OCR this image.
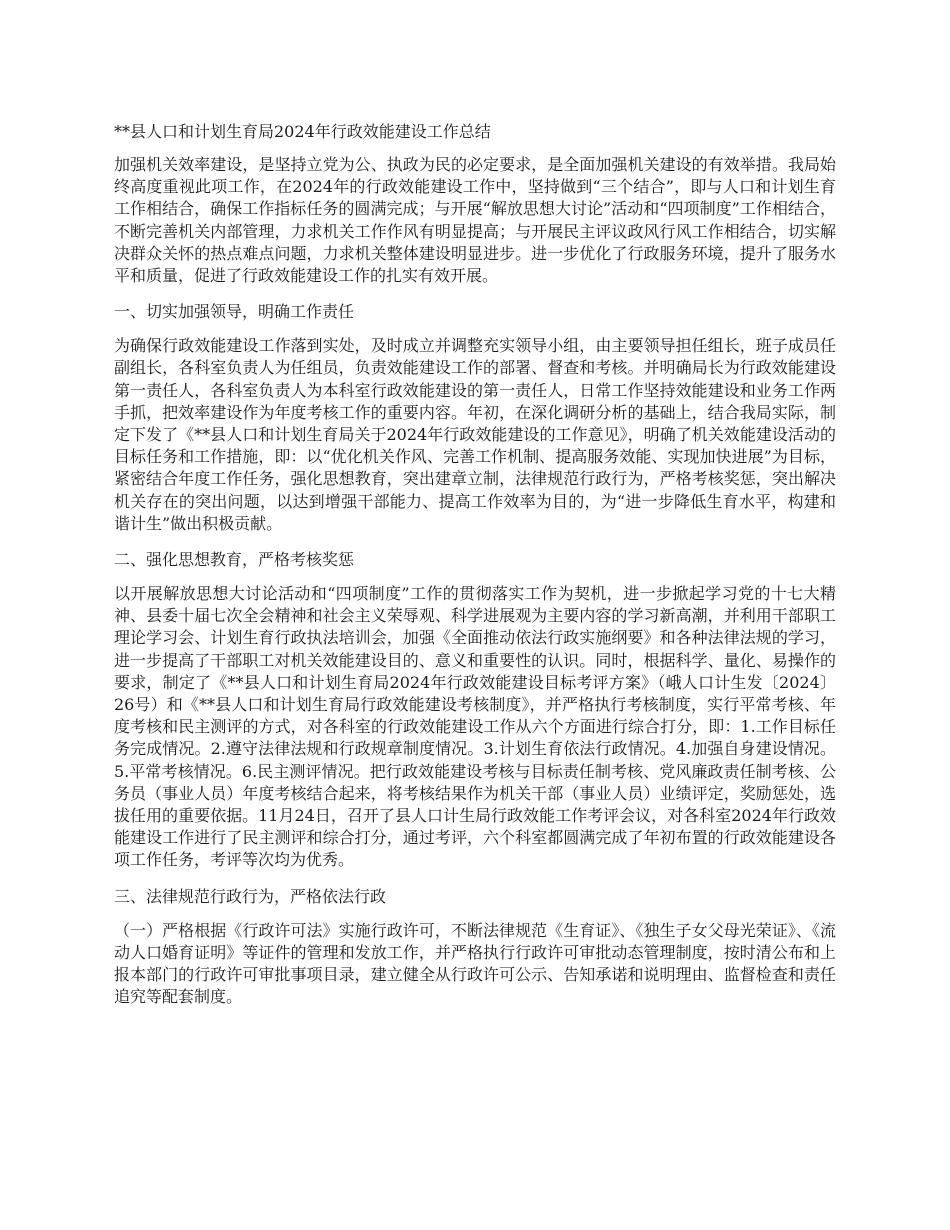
**县人口和计划生育局2024年行政效能建设工作总结

加强机关效率建设，是坚持立党为公、执政为民的必定要求，是全面加强机关建设的有效举措。我局始终高度重视此项工作，在2024年的行政效能建设工作中，坚持做到“三个结合”，即与人口和计划生育工作相结合，确保工作指标任务的圆满完成；与开展“解放思想大讨论”活动和“四项制度”工作相结合，不断完善机关内部管理，力求机关工作作风有明显提高；与开展民主评议政风行风工作相结合，切实解决群众关怀的热点难点问题，力求机关整体建设明显进步。进一步优化了行政服务环境，提升了服务水平和质量，促进了行政效能建设工作的扎实有效开展。

一、切实加强领导，明确工作责任

为确保行政效能建设工作落到实处，及时成立并调整充实领导小组，由主要领导担任组长，班子成员任副组长，各科室负责人为任组员，负责效能建设工作的部署、督查和考核。并明确局长为行政效能建设第一责任人，各科室负责人为本科室行政效能建设的第一责任人，日常工作坚持效能建设和业务工作两手抓，把效率建设作为年度考核工作的重要内容。年初，在深化调研分析的基础上，结合我局实际，制定下发了《**县人口和计划生育局关于2024年行政效能建设的工作意见》，明确了机关效能建设活动的目标任务和工作措施，即：以“优化机关作风、完善工作机制、提高服务效能、实现加快进展”为目标，紧密结合年度工作任务，强化思想教育，突出建章立制，法律规范行政行为，严格考核奖惩，突出解决机关存在的突出问题，以达到增强干部能力、提高工作效率为目的，为“进一步降低生育水平，构建和谐计生”做出积极贡献。

二、强化思想教育，严格考核奖惩

以开展解放思想大讨论活动和“四项制度”工作的贯彻落实工作为契机，进一步掀起学习党的十七大精神、县委十届七次全会精神和社会主义荣辱观、科学进展观为主要内容的学习新高潮，并利用干部职工理论学习会、计划生育行政执法培训会，加强《全面推动依法行政实施纲要》和各种法律法规的学习，进一步提高了干部职工对机关效能建设目的、意义和重要性的认识。同时，根据科学、量化、易操作的要求，制定了《**县人口和计划生育局2024年行政效能建设目标考评方案》（峨人口计生发〔2024〕26号）和《**县人口和计划生育局行政效能建设考核制度》，并严格执行考核制度，实行平常考核、年度考核和民主测评的方式，对各科室的行政效能建设工作从六个方面进行综合打分，即：1.工作目标任务完成情况。2.遵守法律法规和行政规章制度情况。3.计划生育依法行政情况。4.加强自身建设情况。5.平常考核情况。6.民主测评情况。把行政效能建设考核与目标责任制考核、党风廉政责任制考核、公务员（事业人员）年度考核结合起来，将考核结果作为机关干部（事业人员）业绩评定，奖励惩处，选拔任用的重要依据。11月24日，召开了县人口计生局行政效能工作考评会议，对各科室2024年行政效能建设工作进行了民主测评和综合打分，通过考评，六个科室都圆满完成了年初布置的行政效能建设各项工作任务，考评等次均为优秀。

三、法律规范行政行为，严格依法行政

（一）严格根据《行政许可法》实施行政许可，不断法律规范《生育证》、《独生子女父母光荣证》、《流动人口婚育证明》等证件的管理和发放工作，并严格执行行政许可审批动态管理制度，按时清公布和上报本部门的行政许可审批事项目录，建立健全从行政许可公示、告知承诺和说明理由、监督检查和责任追究等配套制度。
